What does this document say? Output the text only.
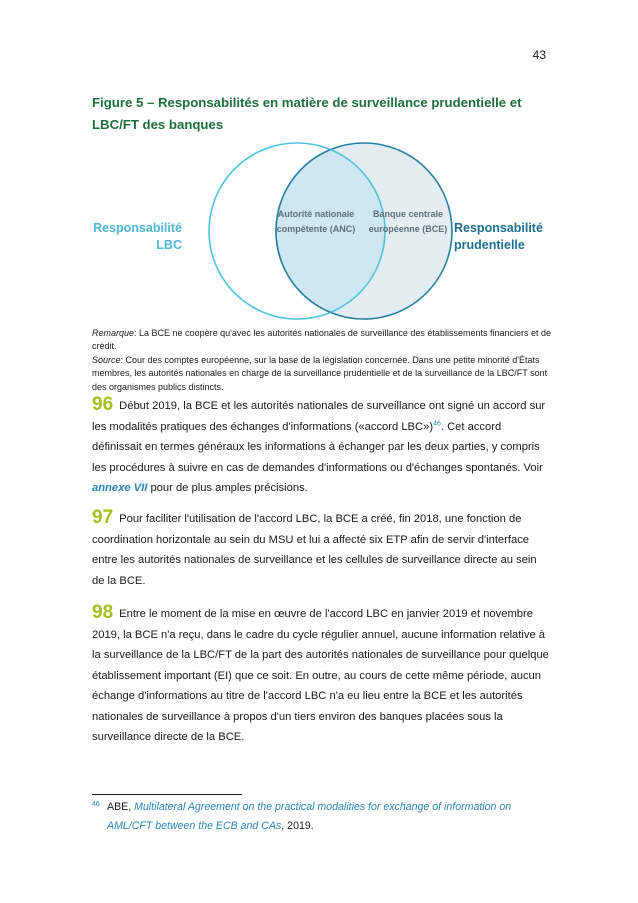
43
Figure 5 – Responsabilités en matière de surveillance prudentielle et LBC/FT des banques
Responsabilité LBC
Responsabilité prudentielle
Autorité nationale compétente (ANC)
Banque centrale européenne (BCE)

Remarque: La BCE ne coopère qu'avec les autorités nationales de surveillance des établissements financiers et de crédit.

Source: Cour des comptes européenne, sur la base de la législation concernée. Dans une petite minorité d'États membres, les autorités nationales en charge de la surveillance prudentielle et de la surveillance de la LBC/FT sont des organismes publics distincts.

96 Début 2019, la BCE et les autorités nationales de surveillance ont signé un accord sur les modalités pratiques des échanges d'informations («accord LBC»)$^{46}$. Cet accord définissait en termes généraux les informations à échanger par les deux parties, y compris les procédures à suivre en cas de demandes d'informations ou d'échanges spontanés. Voir annexe VII pour de plus amples précisions.
97 Pour faciliter l'utilisation de l'accord LBC, la BCE a créé, fin 2018, une fonction de coordination horizontale au sein du MSU et lui a affecté six ETP afin de servir d'interface entre les autorités nationales de surveillance et les cellules de surveillance directe au sein de la BCE.
98 Entre le moment de la mise en œuvre de l'accord LBC en janvier 2019 et novembre 2019, la BCE n'a reçu, dans le cadre du cycle régulier annuel, aucune information relative à la surveillance de la LBC/FT de la part des autorités nationales de surveillance pour quelque établissement important (EI) que ce soit. En outre, au cours de cette même période, aucun échange d'informations au titre de l'accord LBC n'a eu lieu entre la BCE et les autorités nationales de surveillance à propos d'un tiers environ des banques placées sous la surveillance directe de la BCE.
46 ABE, Multilateral Agreement on the practical modalities for exchange of information on AML/CFT between the ECB and CAs, 2019.
